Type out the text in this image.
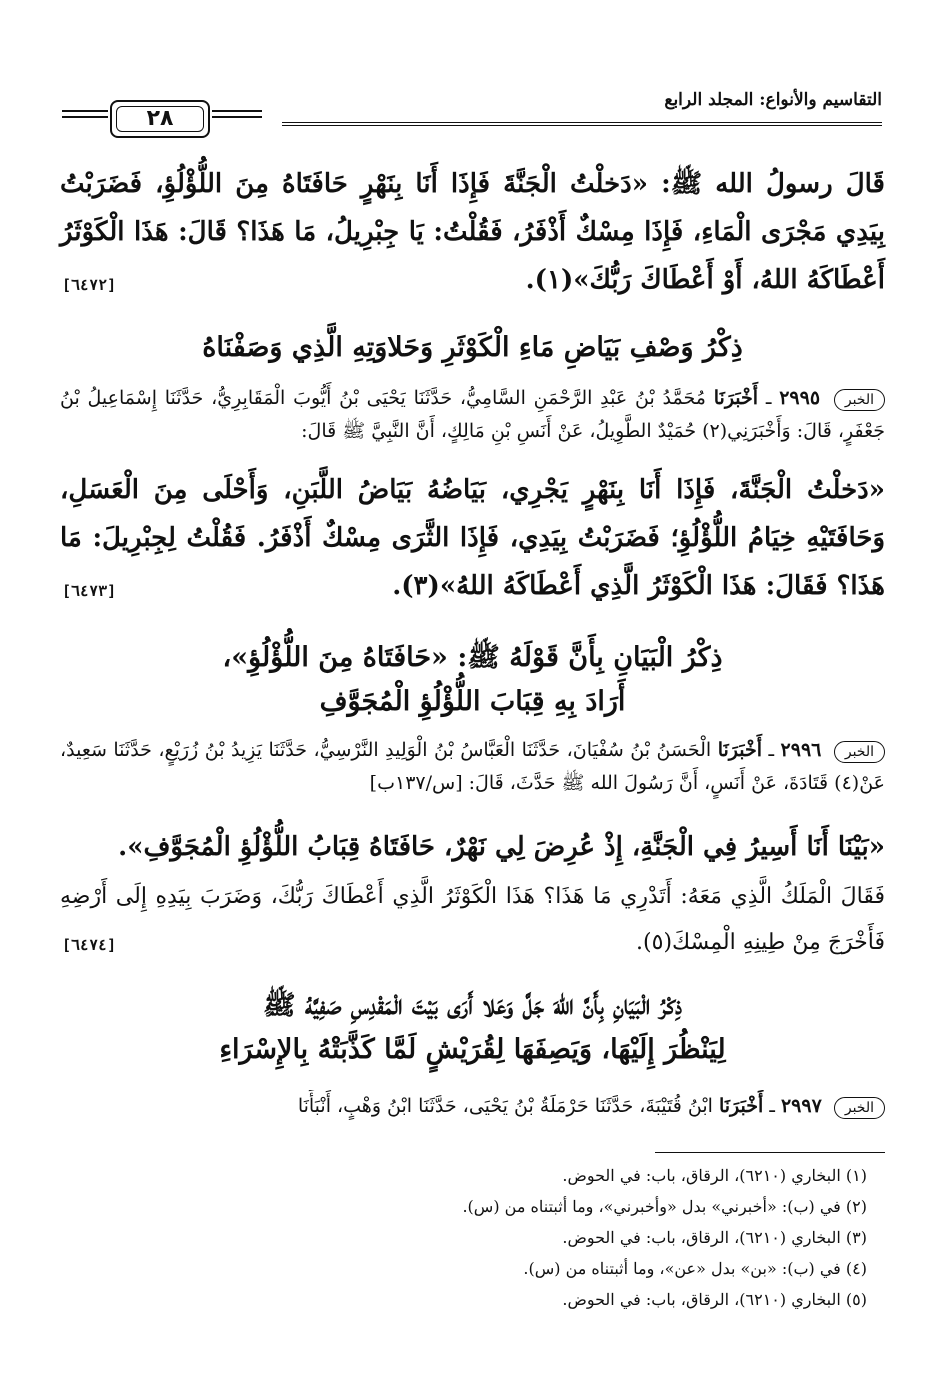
التقاسيم والأنواع: المجلد الرابع
٢٨
قَالَ رسولُ الله ﷺ: «دَخلْتُ الْجَنَّةَ فَإِذَا أَنَا بِنَهْرٍ حَافَتَاهُ مِنَ اللُّؤْلُؤِ، فَضَرَبْتُ بِيَدِي مَجْرَى الْمَاءِ، فَإِذَا مِسْكٌ أَذْفَرُ، فَقُلْتُ: يَا جِبْرِيلُ، مَا هَذَا؟ قَالَ: هَذَا الْكَوْثَرُ أَعْطَاكَهُ اللهُ، أَوْ أَعْطَاكَ رَبُّكَ»(١).
[٦٤٧٢]
ذِكْرُ وَصْفِ بَيَاضِ مَاءِ الْكَوْثَرِ وَحَلاوَتِهِ الَّذِي وَصَفْنَاهُ
الخبر ٢٩٩٥ ـ أَخْبَرَنَا مُحَمَّدُ بْنُ عَبْدِ الرَّحْمَنِ السَّامِيُّ، حَدَّثَنَا يَحْيَى بْنُ أَيُّوبَ الْمَقَابِرِيُّ، حَدَّثَنَا إِسْمَاعِيلُ بْنُ جَعْفَرٍ، قَالَ: وَأَخْبَرَنِي(٢) حُمَيْدٌ الطَّوِيلُ، عَنْ أَنَسِ بْنِ مَالِكٍ، أَنَّ النَّبِيَّ ﷺ قَالَ:
«دَخلْتُ الْجَنَّةَ، فَإِذَا أَنَا بِنَهْرٍ يَجْرِي، بَيَاضُهُ بَيَاضُ اللَّبَنِ، وَأَحْلَى مِنَ الْعَسَلِ، وَحَافَتَيْهِ خِيَامُ اللُّؤْلُؤِ؛ فَضَرَبْتُ بِيَدِي، فَإِذَا الثَّرَى مِسْكٌ أَذْفَرُ. فَقُلْتُ لِجِبْرِيلَ: مَا هَذَا؟ فَقَالَ: هَذَا الْكَوْثَرُ الَّذِي أَعْطَاكَهُ اللهُ»(٣).
[٦٤٧٣]
ذِكْرُ الْبَيَانِ بِأَنَّ قَوْلَهُ ﷺ: «حَافَتَاهُ مِنَ اللُّؤْلُؤِ»،
أَرَادَ بِهِ قِبَابَ اللُّؤْلُؤِ الْمُجَوَّفِ
الخبر ٢٩٩٦ ـ أَخْبَرَنَا الْحَسَنُ بْنُ سُفْيَانَ، حَدَّثَنَا الْعَبَّاسُ بْنُ الْوَلِيدِ النَّرْسِيُّ، حَدَّثَنَا يَزِيدُ بْنُ زُرَيْعٍ، حَدَّثَنَا سَعِيدٌ، عَنْ(٤) قَتَادَةَ، عَنْ أَنَسٍ، أَنَّ رَسُولَ الله ﷺ حَدَّثَ، قَالَ: [س/١٣٧ب]
«بَيْنَا أَنَا أَسِيرُ فِي الْجَنَّةِ، إِذْ عُرِضَ لِي نَهْرٌ، حَافَتَاهُ قِبَابُ اللُّؤْلُؤِ الْمُجَوَّفِ».
فَقَالَ الْمَلَكُ الَّذِي مَعَهُ: أَتَدْرِي مَا هَذَا؟ هَذَا الْكَوْثَرُ الَّذِي أَعْطَاكَ رَبُّكَ، وَضَرَبَ بِيَدِهِ إِلَى أَرْضِهِ فَأَخْرَجَ مِنْ طِينِهِ الْمِسْكَ(٥).
[٦٤٧٤]
ذِكْرُ الْبَيَانِ بِأَنَّ اللهَ جَلَّ وَعَلا أَرَى بَيْتَ الْمَقْدِسِ صَفِيَّهُ ﷺ
لِيَنْظُرَ إِلَيْهَا، وَيَصِفَهَا لِقُرَيْشٍ لَمَّا كَذَّبَتْهُ بِالإِسْرَاءِ
الخبر ٢٩٩٧ ـ أَخْبَرَنَا ابْنُ قُتَيْبَةَ، حَدَّثَنَا حَرْمَلَةُ بْنُ يَحْيَى، حَدَّثَنَا ابْنُ وَهْبٍ، أَنْبَأَنَا
(١) البخاري (٦٢١٠)، الرقاق، باب: في الحوض.
(٢) في (ب): «أخبرني» بدل «وأخبرني»، وما أثبتناه من (س).
(٣) البخاري (٦٢١٠)، الرقاق، باب: في الحوض.
(٤) في (ب): «بن» بدل «عن»، وما أثبتناه من (س).
(٥) البخاري (٦٢١٠)، الرقاق، باب: في الحوض.
